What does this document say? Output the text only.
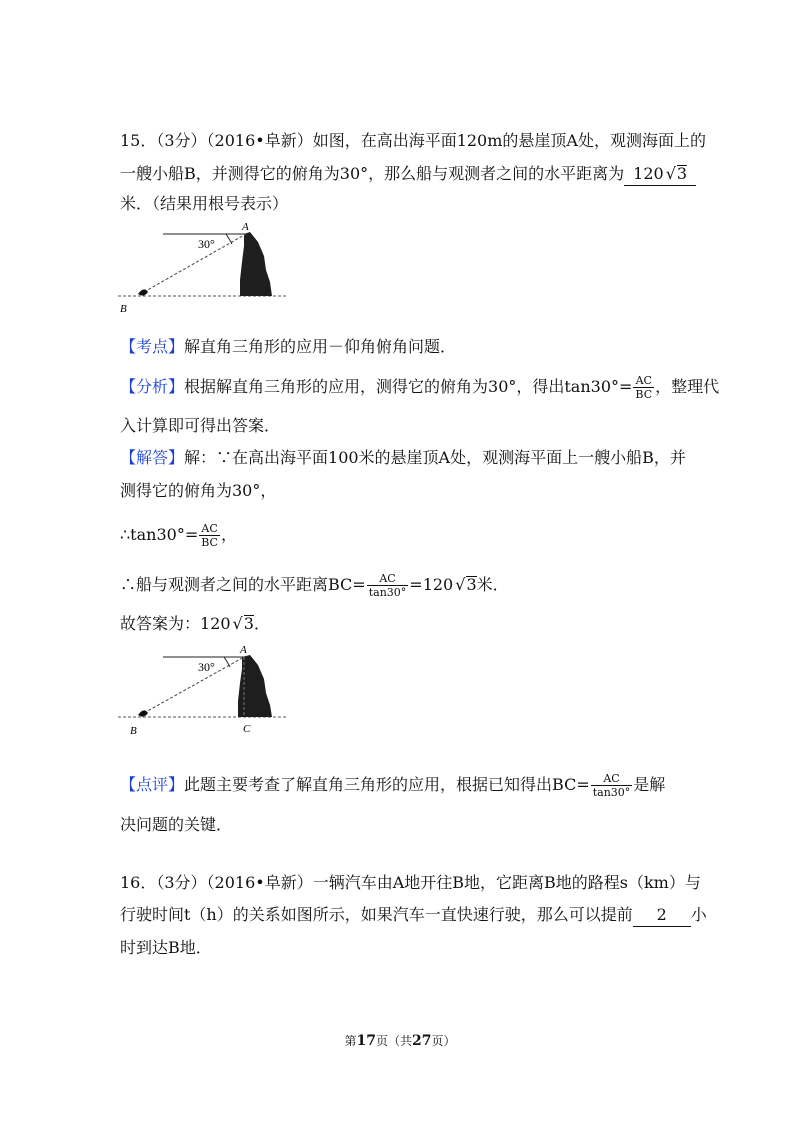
15．（3分）（2016•阜新）如图，在高出海平面120m的悬崖顶A处，观测海面上的
一艘小船B，并测得它的俯角为30°，那么船与观测者之间的水平距离为 120 √3
米．（结果用根号表示）
30°
A
B
【考点】解直角三角形的应用－仰角俯角问题．
【分析】根据解直角三角形的应用，测得它的俯角为30°，得出$\tan 30^\circ= \frac{AC}{BC}$ ，整理代
入计算即可得出答案．
【解答】解：∵在高出海平面100米的悬崖顶A处，观测海平面上一艘小船B，并
测得它的俯角为30°，
∴tan30°= $\frac{AC}{BC}$ ，
∴船与观测者之间的水平距离$BC= \frac{AC}{\tan 30^\circ} =120$ √3米．
故答案为：120 √3．
30°
A
B	C
【点评】此题主要考查了解直角三角形的应用，根据已知得出$BC= \frac{AC}{\tan 30^\circ}$ 是解
决问题的关键．
16．（3分）（2016•阜新）一辆汽车由A地开往B地，它距离B地的路程s（km）与
行驶时间t（h）的关系如图所示，如果汽车一直快速行驶，那么可以提前 2 小
时到达B地．
第17页（共27页）
